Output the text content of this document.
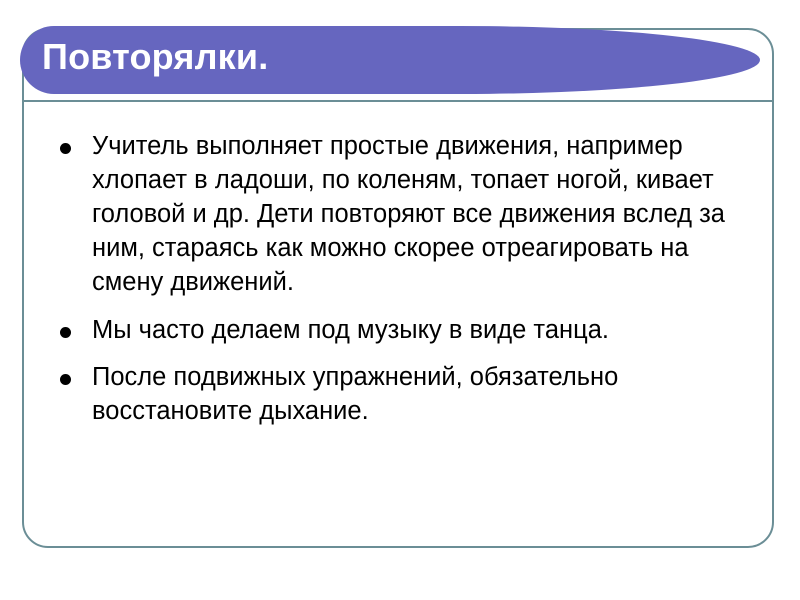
Повторялки.
Учитель выполняет простые движения, например хлопает в ладоши, по коленям, топает ногой, кивает головой и др. Дети повторяют все движения вслед за ним, стараясь как можно скорее отреагировать на смену движений.
Мы часто делаем под музыку в виде танца.
После подвижных упражнений, обязательно восстановите дыхание.
